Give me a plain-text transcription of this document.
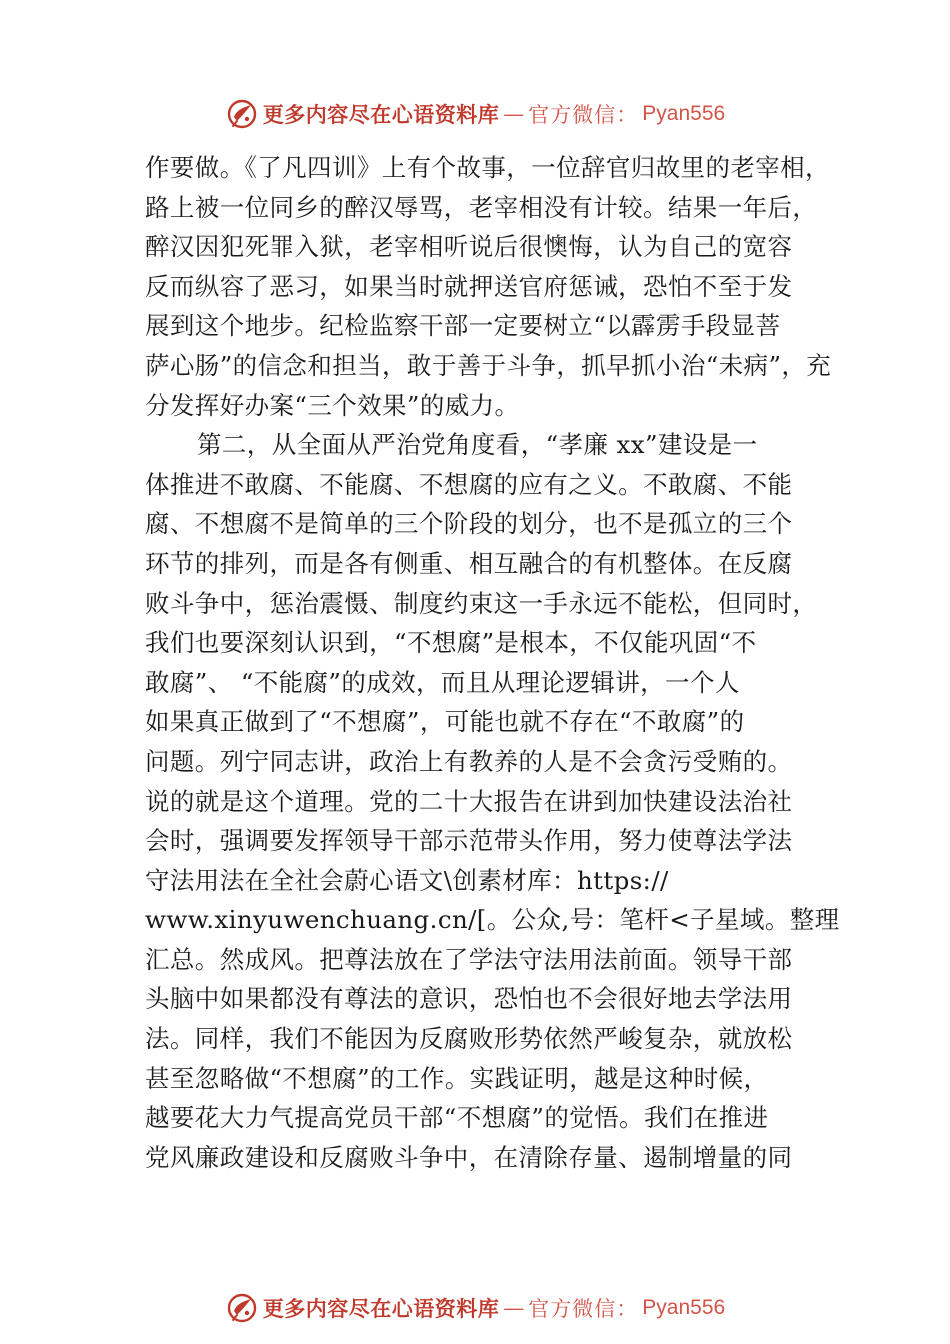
更多内容尽在心语资料库 — 官方微信： Pyan556
作要做。《了凡四训》上有个故事，一位辞官归故里的老宰相，
路上被一位同乡的醉汉辱骂，老宰相没有计较。结果一年后，
醉汉因犯死罪入狱，老宰相听说后很懊悔，认为自己的宽容
反而纵容了恶习，如果当时就押送官府惩诫，恐怕不至于发
展到这个地步。纪检监察干部一定要树立“以霹雳手段显菩
萨心肠”的信念和担当，敢于善于斗争，抓早抓小治“未病”，充
分发挥好办案“三个效果”的威力。
第二，从全面从严治党角度看，“孝廉 xx”建设是一
体推进不敢腐、不能腐、不想腐的应有之义。不敢腐、不能
腐、不想腐不是简单的三个阶段的划分，也不是孤立的三个
环节的排列，而是各有侧重、相互融合的有机整体。在反腐
败斗争中，惩治震慑、制度约束这一手永远不能松，但同时，
我们也要深刻认识到，“不想腐”是根本，不仅能巩固“不
敢腐”、 “不能腐”的成效，而且从理论逻辑讲，一个人
如果真正做到了“不想腐”，可能也就不存在“不敢腐”的
问题。列宁同志讲，政治上有教养的人是不会贪污受贿的。
说的就是这个道理。党的二十大报告在讲到加快建设法治社
会时，强调要发挥领导干部示范带头作用，努力使尊法学法
守法用法在全社会蔚心语文\创素材库：https://
www.xinyuwenchuang.cn/[。公众,号：笔杆<子星域。整理
汇总。然成风。把尊法放在了学法守法用法前面。领导干部
头脑中如果都没有尊法的意识，恐怕也不会很好地去学法用
法。同样，我们不能因为反腐败形势依然严峻复杂，就放松
甚至忽略做“不想腐”的工作。实践证明，越是这种时候，
越要花大力气提高党员干部“不想腐”的觉悟。我们在推进
党风廉政建设和反腐败斗争中，在清除存量、遏制增量的同
更多内容尽在心语资料库 — 官方微信： Pyan556
